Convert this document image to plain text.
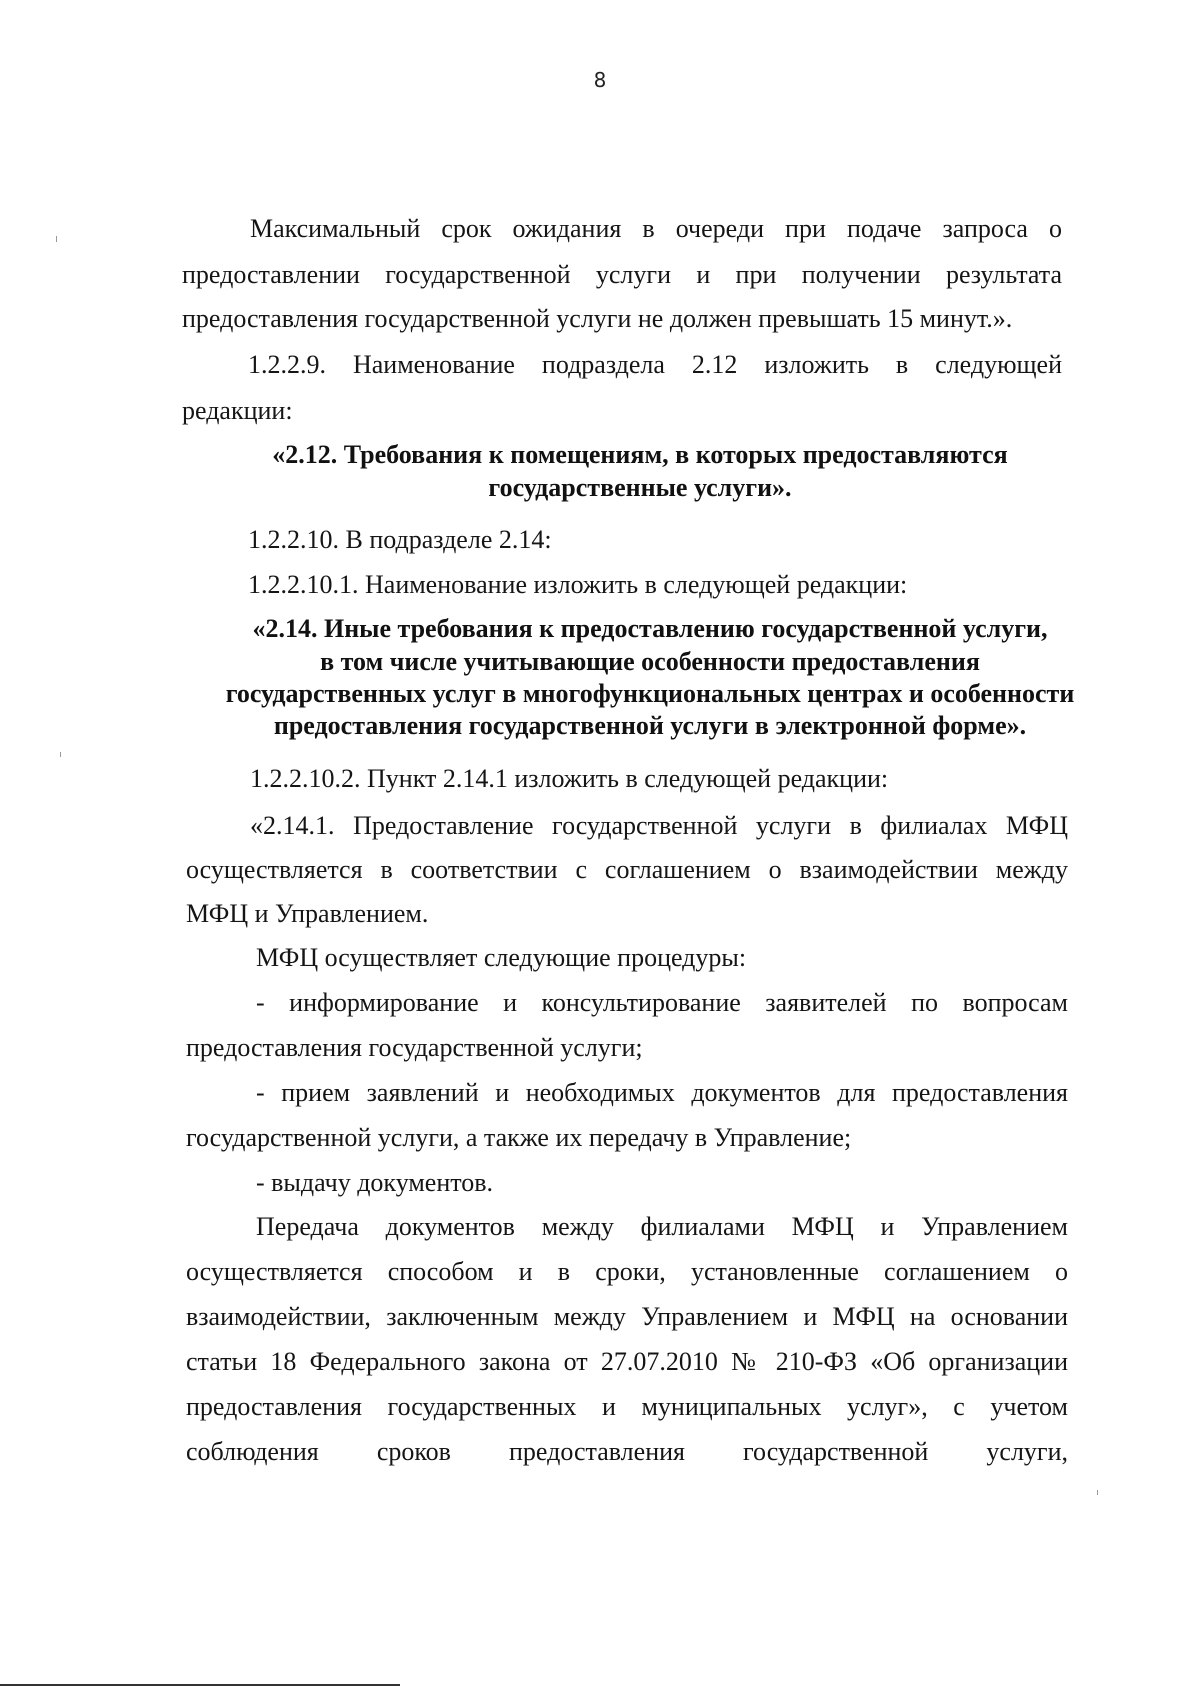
8
Максимальный срок ожидания в очереди при подаче запроса о
предоставлении государственной услуги и при получении результата
предоставления государственной услуги не должен превышать 15 минут.».
1.2.2.9. Наименование подраздела 2.12 изложить в следующей
редакции:
«2.12. Требования к помещениям, в которых предоставляются
государственные услуги».
1.2.2.10. В подразделе 2.14:
1.2.2.10.1. Наименование изложить в следующей редакции:
«2.14. Иные требования к предоставлению государственной услуги,
в том числе учитывающие особенности предоставления
государственных услуг в многофункциональных центрах и особенности
предоставления государственной услуги в электронной форме».
1.2.2.10.2. Пункт 2.14.1 изложить в следующей редакции:
«2.14.1. Предоставление государственной услуги в филиалах МФЦ
осуществляется в соответствии с соглашением о взаимодействии между
МФЦ и Управлением.
МФЦ осуществляет следующие процедуры:
- информирование и консультирование заявителей по вопросам
предоставления государственной услуги;
- прием заявлений и необходимых документов для предоставления
государственной услуги, а также их передачу в Управление;
- выдачу документов.
Передача документов между филиалами МФЦ и Управлением
осуществляется способом и в сроки, установленные соглашением о
взаимодействии, заключенным между Управлением и МФЦ на основании
статьи 18 Федерального закона от 27.07.2010 № 210-ФЗ «Об организации
предоставления государственных и муниципальных услуг», с учетом
соблюдения сроков предоставления государственной услуги,
